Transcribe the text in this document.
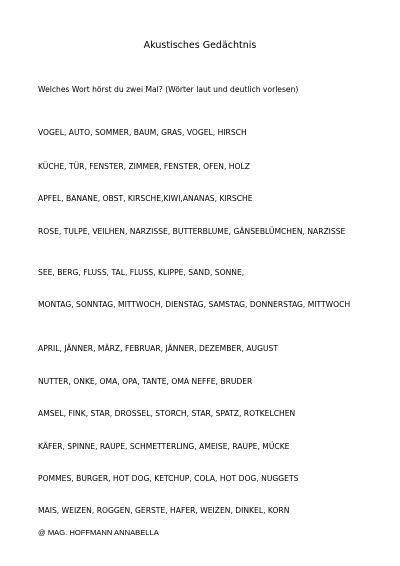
Akustisches Gedächtnis
Welches Wort hörst du zwei Mal? (Wörter laut und deutlich vorlesen)
VOGEL, AUTO, SOMMER, BAUM, GRAS, VOGEL, HIRSCH
KÜCHE, TÜR, FENSTER, ZIMMER, FENSTER, OFEN, HOLZ
APFEL, BANANE, OBST, KIRSCHE,KIWI,ANANAS, KIRSCHE
ROSE, TULPE, VEILHEN, NARZISSE, BUTTERBLUME, GÄNSEBLÜMCHEN, NARZISSE
SEE, BERG, FLUSS, TAL, FLUSS, KLIPPE, SAND, SONNE,
MONTAG, SONNTAG, MITTWOCH, DIENSTAG, SAMSTAG, DONNERSTAG, MITTWOCH
APRIL, JÄNNER, MÄRZ, FEBRUAR, JÄNNER, DEZEMBER, AUGUST
NUTTER, ONKE, OMA, OPA, TANTE, OMA NEFFE, BRUDER
AMSEL, FINK, STAR, DROSSEL, STORCH, STAR, SPATZ, ROTKELCHEN
KÄFER, SPINNE, RAUPE, SCHMETTERLING, AMEISE, RAUPE, MÜCKE
POMMES, BURGER, HOT DOG, KETCHUP, COLA, HOT DOG, NUGGETS
MAIS, WEIZEN, ROGGEN, GERSTE, HAFER, WEIZEN, DINKEL, KORN
@ MAG. HOFFMANN ANNABELLA
